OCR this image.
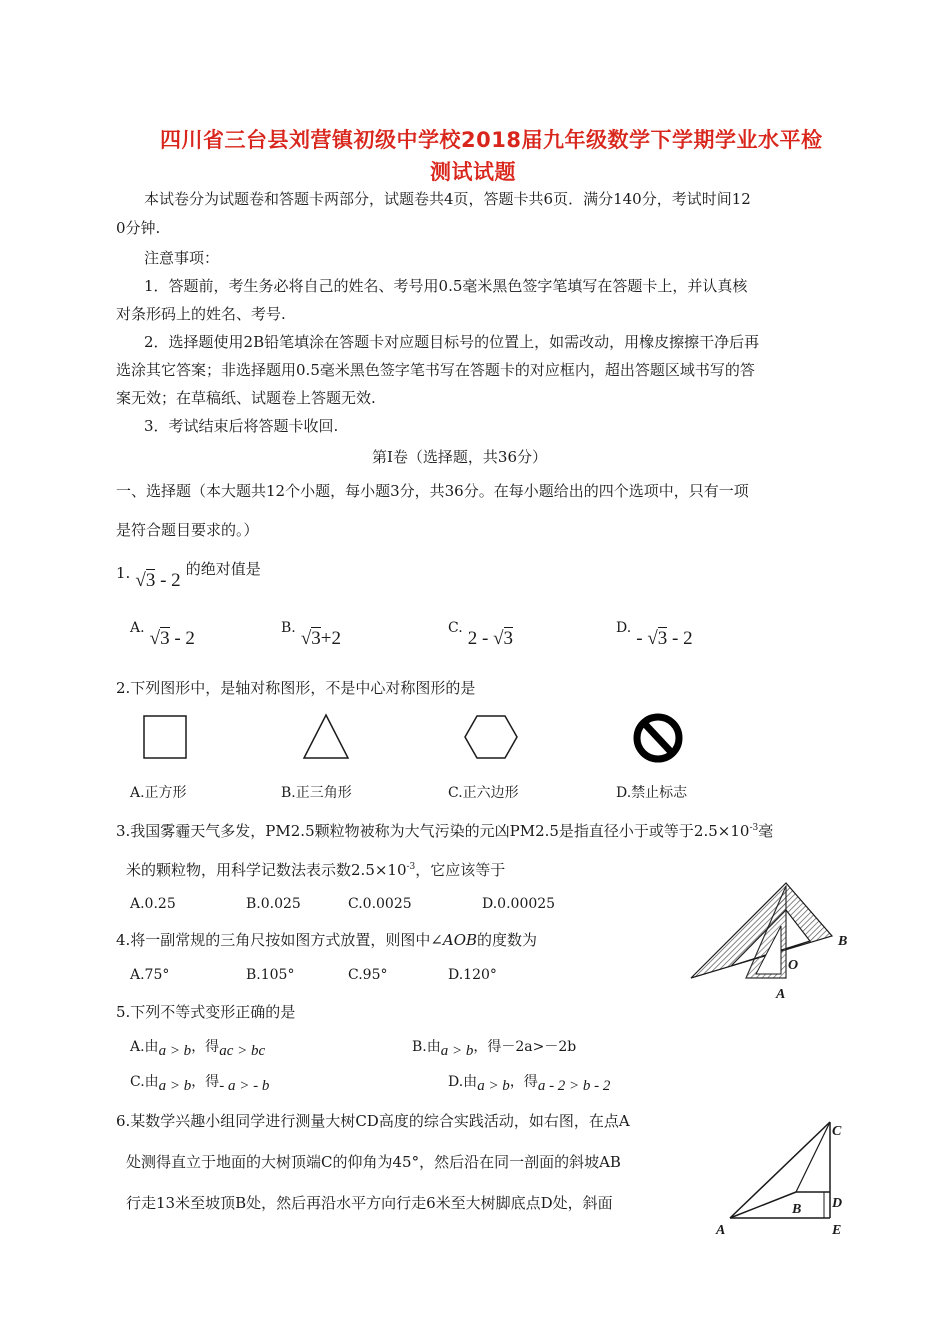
四川省三台县刘营镇初级中学校2018届九年级数学下学期学业水平检
测试试题
本试卷分为试题卷和答题卡两部分，试题卷共4页，答题卡共6页．满分140分，考试时间12
0分钟.
注意事项：
1．答题前，考生务必将自己的姓名、考号用0.5毫米黑色签字笔填写在答题卡上，并认真核
对条形码上的姓名、考号.
2．选择题使用2B铅笔填涂在答题卡对应题目标号的位置上，如需改动，用橡皮擦擦干净后再
选涂其它答案；非选择题用0.5毫米黑色签字笔书写在答题卡的对应框内，超出答题区域书写的答
案无效；在草稿纸、试题卷上答题无效.
3．考试结束后将答题卡收回.
第Ⅰ卷（选择题，共36分）
一、选择题（本大题共12个小题，每小题3分，共36分。在每小题给出的四个选项中，只有一项
是符合题目要求的。）
1. √3 - 2 的绝对值是
A. √3 - 2	B. √3+2	C. 2 - √3	D. - √3 - 2
2.下列图形中，是轴对称图形，不是中心对称图形的是
A.正方形	B.正三角形	C.正六边形	D.禁止标志
3.我国雾霾天气多发，PM2.5颗粒物被称为大气污染的元凶PM2.5是指直径小于或等于$2.5\times 10^{-3}$毫
米的颗粒物，用科学记数法表示数$2.5\times 10^{-3}$，它应该等于
A.0.25	B.0.025	C.0.0025	D.0.00025
4.将一副常规的三角尺按如图方式放置，则图中∠AOB的度数为
A.75°	B.105°	C.95°	D.120°
B
O
A
5.下列不等式变形正确的是
A.由a > b，得ac > bc	B.由a > b，得－2a>－2b
C.由a > b，得- a > - b	D.由a > b，得a - 2 > b - 2
6.某数学兴趣小组同学进行测量大树CD高度的综合实践活动，如右图，在点A
处测得直立于地面的大树顶端C的仰角为45°，然后沿在同一剖面的斜坡AB
行走13米至坡顶B处，然后再沿水平方向行走6米至大树脚底点D处，斜面
C
D
B
A	E
